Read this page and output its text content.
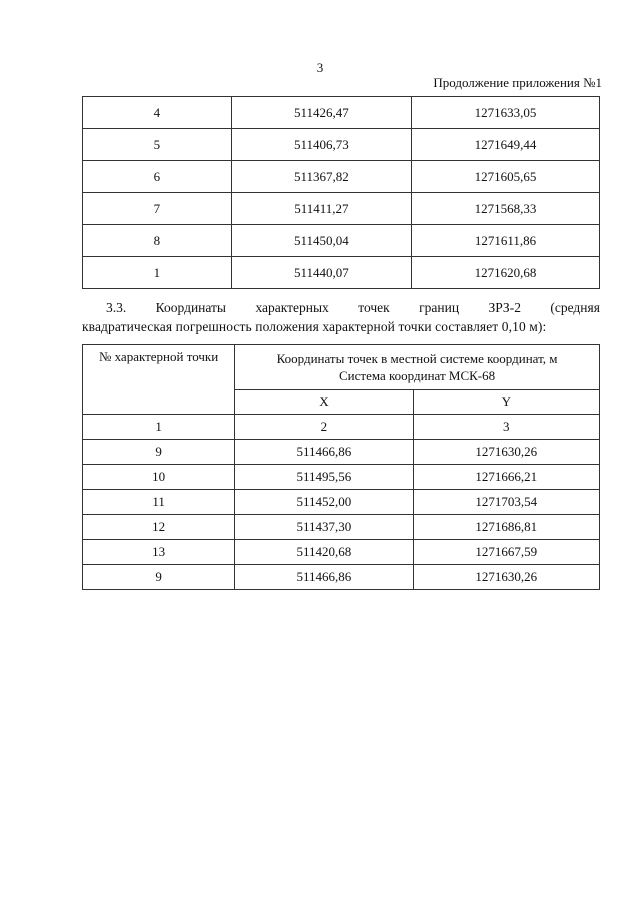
3
Продолжение приложения №1
4	511426,47	1271633,05
5	511406,73	1271649,44
6	511367,82	1271605,65
7	511411,27	1271568,33
8	511450,04	1271611,86
1	511440,07	1271620,68
3.3. Координаты характерных точек границ ЗРЗ-2 (средняя
квадратическая погрешность положения характерной точки составляет 0,10 м):
№ характерной точки	Координаты точек в местной системе координат, м
Система координат МСК-68	

	X	Y
1	2	3
9	511466,86	1271630,26
10	511495,56	1271666,21
11	511452,00	1271703,54
12	511437,30	1271686,81
13	511420,68	1271667,59
9	511466,86	1271630,26
